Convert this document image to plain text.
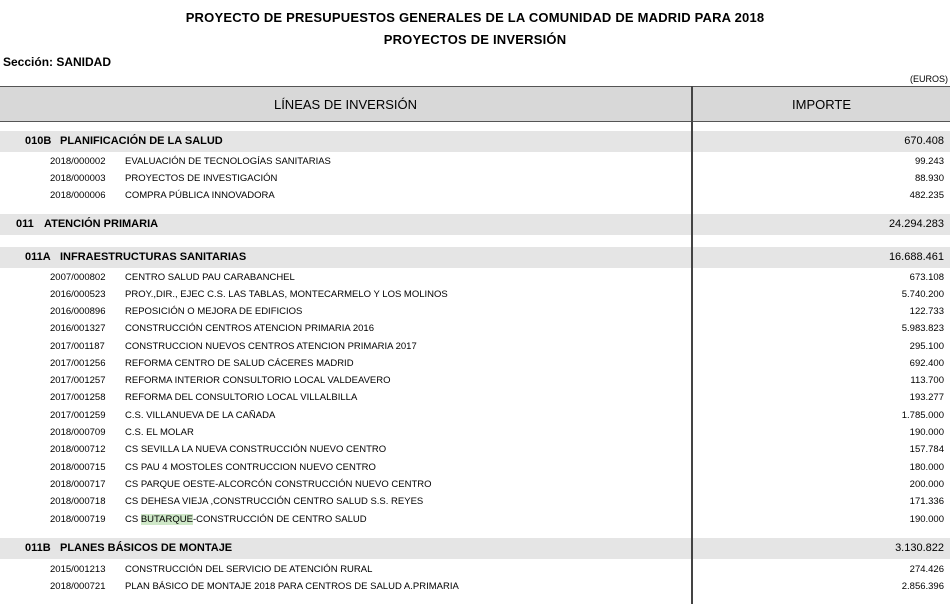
PROYECTO DE PRESUPUESTOS GENERALES DE LA COMUNIDAD DE MADRID PARA 2018
PROYECTOS DE INVERSIÓN
Sección: SANIDAD
(EUROS)
LÍNEAS DE INVERSIÓN	IMPORTE
010B PLANIFICACIÓN DE LA SALUD	670.408
2018/000002 EVALUACIÓN DE TECNOLOGÍAS SANITARIAS	99.243
2018/000003 PROYECTOS DE INVESTIGACIÓN	88.930
2018/000006 COMPRA PÚBLICA INNOVADORA	482.235
011 ATENCIÓN PRIMARIA	24.294.283
011A INFRAESTRUCTURAS SANITARIAS	16.688.461
2007/000802 CENTRO SALUD PAU CARABANCHEL	673.108
2016/000523 PROY.,DIR., EJEC C.S. LAS TABLAS, MONTECARMELO Y LOS MOLINOS	5.740.200
2016/000896 REPOSICIÓN O MEJORA DE EDIFICIOS	122.733
2016/001327 CONSTRUCCIÓN CENTROS ATENCION PRIMARIA 2016	5.983.823
2017/001187 CONSTRUCCION NUEVOS CENTROS ATENCION PRIMARIA 2017	295.100
2017/001256 REFORMA CENTRO DE SALUD CÁCERES MADRID	692.400
2017/001257 REFORMA INTERIOR CONSULTORIO LOCAL VALDEAVERO	113.700
2017/001258 REFORMA DEL CONSULTORIO LOCAL VILLALBILLA	193.277
2017/001259 C.S. VILLANUEVA DE LA CAÑADA	1.785.000
2018/000709 C.S. EL MOLAR	190.000
2018/000712 CS SEVILLA LA NUEVA CONSTRUCCIÓN NUEVO CENTRO	157.784
2018/000715 CS PAU 4 MOSTOLES CONTRUCCION NUEVO CENTRO	180.000
2018/000717 CS PARQUE OESTE-ALCORCÓN CONSTRUCCIÓN NUEVO CENTRO	200.000
2018/000718 CS DEHESA VIEJA ,CONSTRUCCIÓN CENTRO SALUD S.S. REYES	171.336
2018/000719 CS BUTARQUE-CONSTRUCCIÓN DE CENTRO SALUD	190.000
011B PLANES BÁSICOS DE MONTAJE	3.130.822
2015/001213 CONSTRUCCIÓN DEL SERVICIO DE ATENCIÓN RURAL	274.426
2018/000721 PLAN BÁSICO DE MONTAJE 2018 PARA CENTROS DE SALUD A.PRIMARIA	2.856.396
